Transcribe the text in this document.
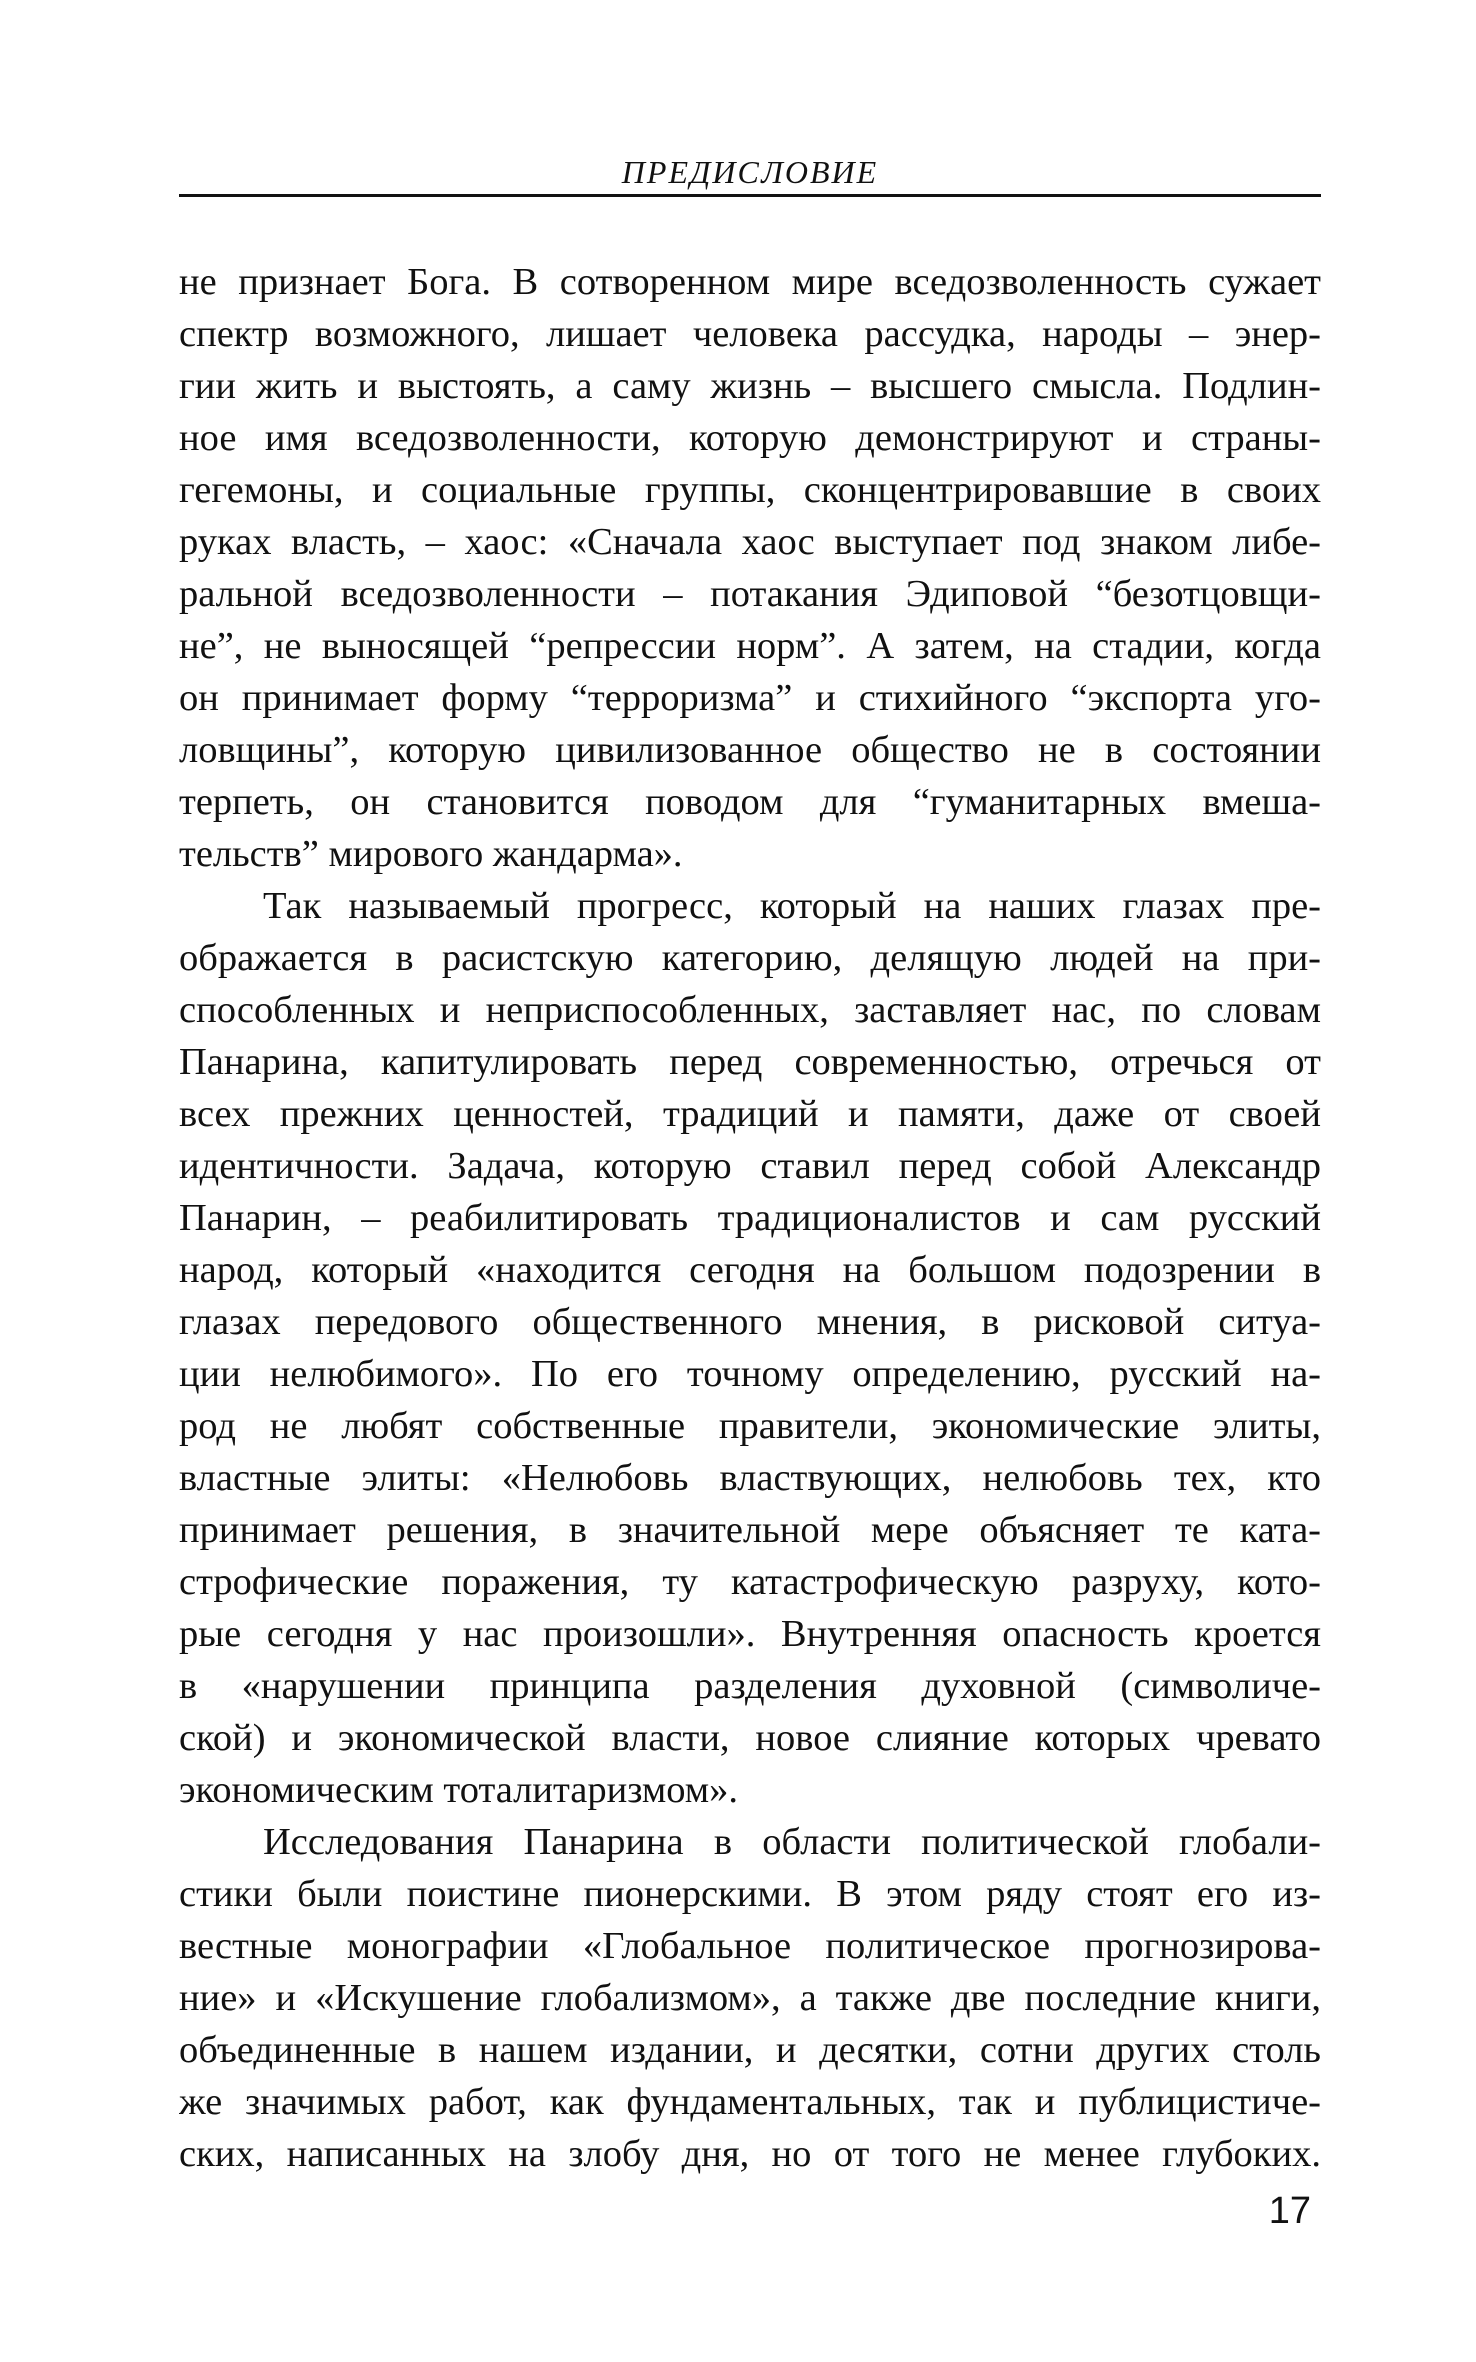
ПРЕДИСЛОВИЕ
не признает Бога. В сотворенном мире вседозволенность сужает
спектр возможного, лишает человека рассудка, народы – энер-
гии жить и выстоять, а саму жизнь – высшего смысла. Подлин-
ное имя вседозволенности, которую демонстрируют и страны-
гегемоны, и социальные группы, сконцентрировавшие в своих
руках власть, – хаос: «Сначала хаос выступает под знаком либе-
ральной вседозволенности – потакания Эдиповой “безотцовщи-
не”, не выносящей “репрессии норм”. А затем, на стадии, когда
он принимает форму “терроризма” и стихийного “экспорта уго-
ловщины”, которую цивилизованное общество не в состоянии
терпеть, он становится поводом для “гуманитарных вмеша-
тельств” мирового жандарма».
Так называемый прогресс, который на наших глазах пре-
ображается в расистскую категорию, делящую людей на при-
способленных и неприспособленных, заставляет нас, по словам
Панарина, капитулировать перед современностью, отречься от
всех прежних ценностей, традиций и памяти, даже от своей
идентичности. Задача, которую ставил перед собой Александр
Панарин, – реабилитировать традиционалистов и сам русский
народ, который «находится сегодня на большом подозрении в
глазах передового общественного мнения, в рисковой ситуа-
ции нелюбимого». По его точному определению, русский на-
род не любят собственные правители, экономические элиты,
властные элиты: «Нелюбовь властвующих, нелюбовь тех, кто
принимает решения, в значительной мере объясняет те ката-
строфические поражения, ту катастрофическую разруху, кото-
рые сегодня у нас произошли». Внутренняя опасность кроется
в «нарушении принципа разделения духовной (символиче-
ской) и экономической власти, новое слияние которых чревато
экономическим тоталитаризмом».
Исследования Панарина в области политической глобали-
стики были поистине пионерскими. В этом ряду стоят его из-
вестные монографии «Глобальное политическое прогнозирова-
ние» и «Искушение глобализмом», а также две последние книги,
объединенные в нашем издании, и десятки, сотни других столь
же значимых работ, как фундаментальных, так и публицистиче-
ских, написанных на злобу дня, но от того не менее глубоких.
17
